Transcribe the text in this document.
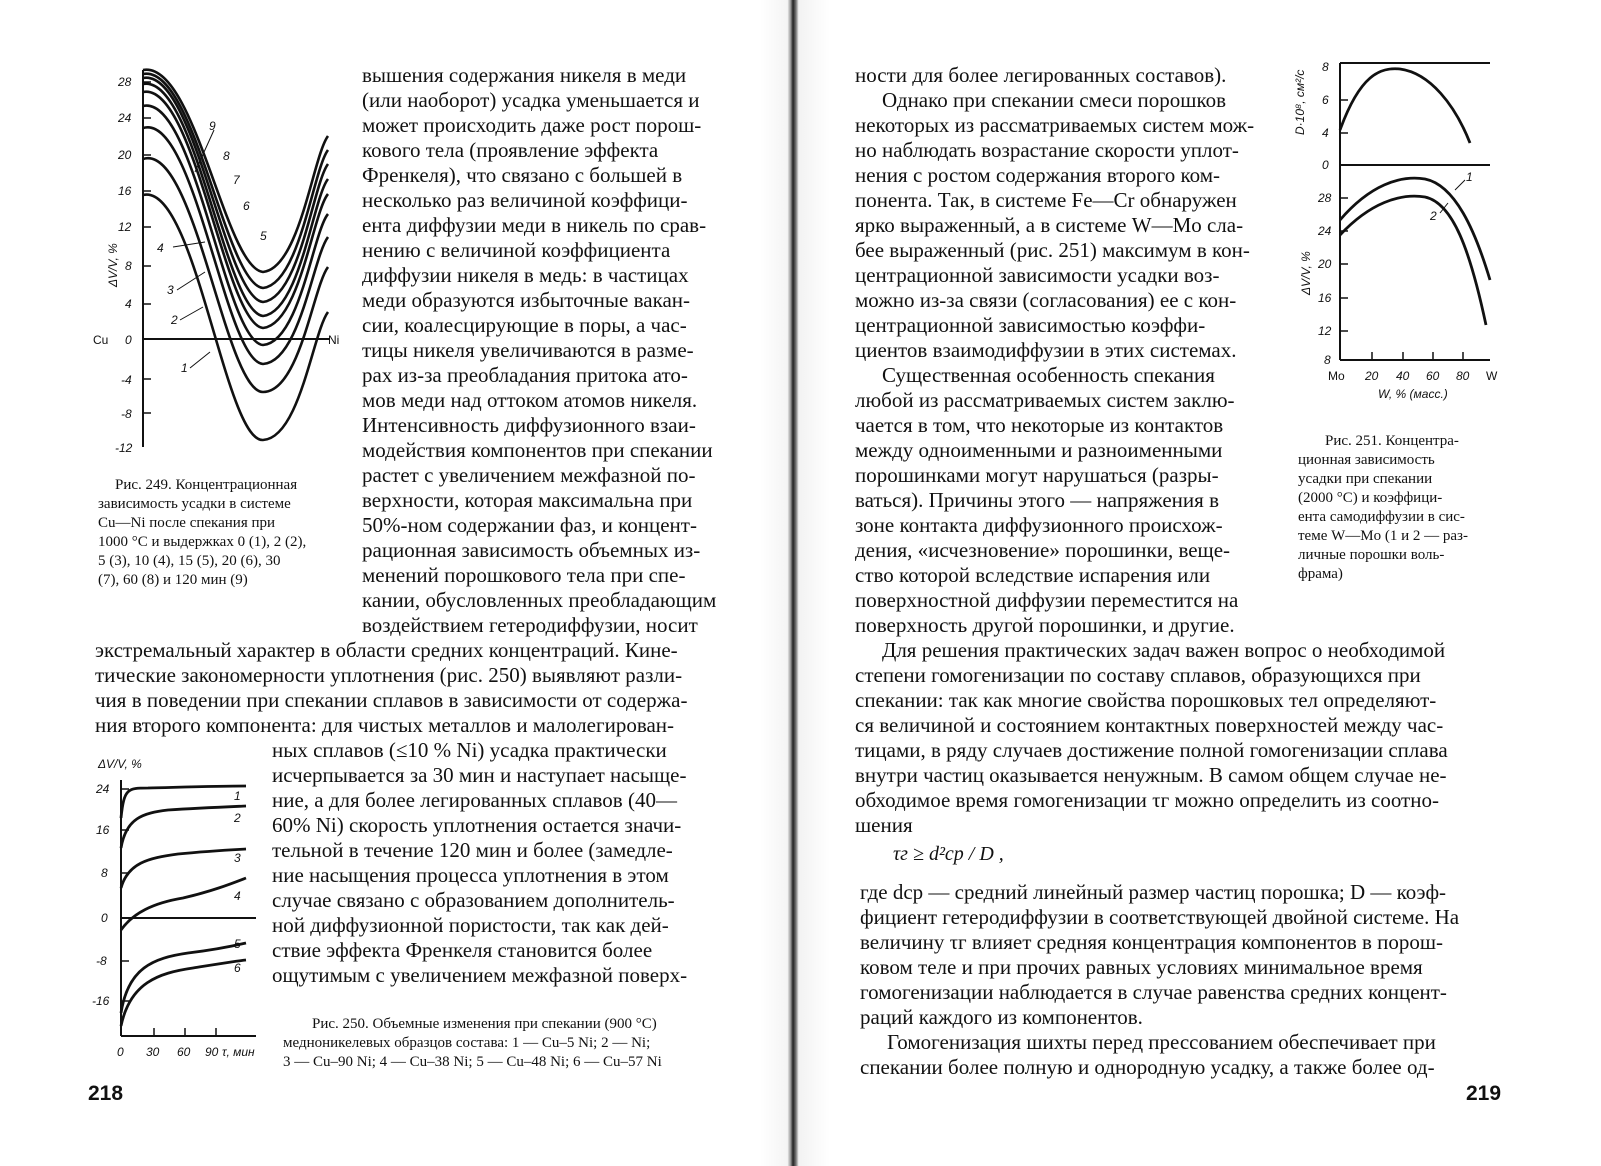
28
24
20
16
12
8
4
0
-4
-8
-12
ΔV/V, %
Cu	Ni
1
2
3
4
5
6
7
8
9
Рис. 249. Концентрационная
зависимость усадки в системе
Cu—Ni после спекания при
1000 °С и выдержках 0 (1), 2 (2),
5 (3), 10 (4), 15 (5), 20 (6), 30
(7), 60 (8) и 120 мин (9)
вышения содержания никеля в меди
(или наоборот) усадка уменьшается и
может происходить даже рост порош-
кового тела (проявление эффекта
Френкеля), что связано с большей в
несколько раз величиной коэффици-
ента диффузии меди в никель по срав-
нению с величиной коэффициента
диффузии никеля в медь: в частицах
меди образуются избыточные вакан-
сии, коалесцирующие в поры, а час-
тицы никеля увеличиваются в разме-
рах из-за преобладания притока ато-
мов меди над оттоком атомов никеля.
Интенсивность диффузионного взаи-
модействия компонентов при спекании
растет с увеличением межфазной по-
верхности, которая максимальна при
50%-ном содержании фаз, и концент-
рационная зависимость объемных из-
менений порошкового тела при спе-
кании, обусловленных преобладающим
воздействием гетеродиффузии, носит
экстремальный характер в области средних концентраций. Кине-
тические закономерности уплотнения (рис. 250) выявляют разли-
чия в поведении при спекании сплавов в зависимости от содержа-
ния второго компонента: для чистых металлов и малолегирован-
ных сплавов (≤10 % Ni) усадка практически
исчерпывается за 30 мин и наступает насыще-
ние, а для более легированных сплавов (40—
60% Ni) скорость уплотнения остается значи-
тельной в течение 120 мин и более (замедле-
ние насыщения процесса уплотнения в этом
случае связано с образованием дополнитель-
ной диффузионной пористости, так как дей-
ствие эффекта Френкеля становится более
ощутимым с увеличением межфазной поверх-
ΔV/V, %
24
16
8
0
-8
-16
0 30 60 90 τ, мин
1
2
3
4
5
6
Рис. 250. Объемные изменения при спекании (900 °С)
медноникелевых образцов состава: 1 — Cu–5 Ni; 2 — Ni;
3 — Cu–90 Ni; 4 — Cu–38 Ni; 5 — Cu–48 Ni; 6 — Cu–57 Ni
218
ности для более легированных составов).
Однако при спекании смеси порошков
некоторых из рассматриваемых систем мож-
но наблюдать возрастание скорости уплот-
нения с ростом содержания второго ком-
понента. Так, в системе Fe—Cr обнаружен
ярко выраженный, а в системе W—Mo сла-
бее выраженный (рис. 251) максимум в кон-
центрационной зависимости усадки воз-
можно из-за связи (согласования) ее с кон-
центрационной зависимостью коэффи-
циентов взаимодиффузии в этих системах.
Существенная особенность спекания
любой из рассматриваемых систем заклю-
чается в том, что некоторые из контактов
между одноименными и разноименными
порошинками могут нарушаться (разры-
ваться). Причины этого — напряжения в
зоне контакта диффузионного происхож-
дения, «исчезновение» порошинки, веще-
ство которой вследствие испарения или
поверхностной диффузии переместится на
поверхность другой порошинки, и другие.
D·10⁸, см²/с
8
6
4
0
ΔV/V, %
28
24
20
16
12
8
Mo 20 40 60 80 W
W, % (масс.)
1
2
Рис. 251. Концентра-
ционная зависимость
усадки при спекании
(2000 °С) и коэффици-
ента самодиффузии в сис-
теме W—Mo (1 и 2 — раз-
личные порошки воль-
фрама)
Для решения практических задач важен вопрос о необходимой
степени гомогенизации по составу сплавов, образующихся при
спекании: так как многие свойства порошковых тел определяют-
ся величиной и состоянием контактных поверхностей между час-
тицами, в ряду случаев достижение полной гомогенизации сплава
внутри частиц оказывается ненужным. В самом общем случае не-
обходимое время гомогенизации τг можно определить из соотно-
шения
τг ≥ d²ср / D ,
где dср — средний линейный размер частиц порошка; D — коэф-
фициент гетеродиффузии в соответствующей двойной системе. На
величину τг влияет средняя концентрация компонентов в порош-
ковом теле и при прочих равных условиях минимальное время
гомогенизации наблюдается в случае равенства средних концент-
раций каждого из компонентов.
Гомогенизация шихты перед прессованием обеспечивает при
спекании более полную и однородную усадку, а также более од-
219
